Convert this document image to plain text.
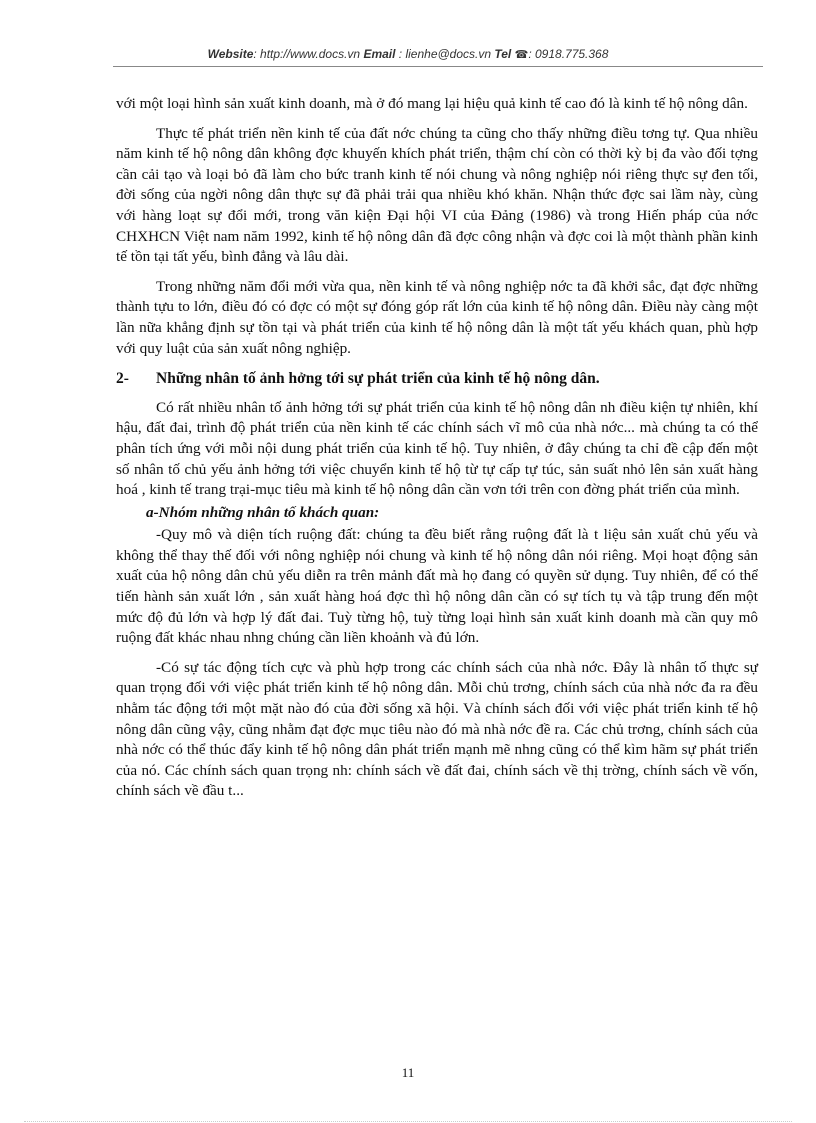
Website: http://www.docs.vn Email : lienhe@docs.vn Tel ☎: 0918.775.368

với một loại hình sản xuất kinh doanh, mà ở đó mang lại hiệu quả kinh tế cao đó là kinh tế hộ nông dân.

Thực tế phát triển nền kinh tế của đất nớc chúng ta cũng cho thấy những điều tơng tự. Qua nhiều năm kinh tế hộ nông dân không đợc khuyến khích phát triển, thậm chí còn có thời kỳ bị đa vào đối tợng cần cải tạo và loại bỏ đã làm cho bức tranh kinh tế nói chung và nông nghiệp nói riêng thực sự đen tối, đời sống của ngời nông dân thực sự đã phải trải qua nhiều khó khăn. Nhận thức đợc sai lầm này, cùng với hàng loạt sự đổi mới, trong văn kiện Đại hội VI của Đảng (1986) và trong Hiến pháp của nớc CHXHCN Việt nam năm 1992, kinh tế hộ nông dân đã đợc công nhận và đợc coi là một thành phần kinh tế tồn tại tất yếu, bình đẳng và lâu dài.

Trong những năm đổi mới vừa qua, nền kinh tế và nông nghiệp nớc ta đã khởi sắc, đạt đợc những thành tựu to lớn, điều đó có đợc có một sự đóng góp rất lớn của kinh tế hộ nông dân. Điều này càng một lần nữa khẳng định sự tồn tại và phát triển của kinh tế hộ nông dân là một tất yếu khách quan, phù hợp với quy luật của sản xuất nông nghiệp.

2- Những nhân tố ảnh hởng tới sự phát triển của kinh tế hộ nông dân.

Có rất nhiều nhân tố ảnh hởng tới sự phát triển của kinh tế hộ nông dân nh điều kiện tự nhiên, khí hậu, đất đai, trình độ phát triển của nền kinh tế các chính sách vĩ mô của nhà nớc... mà chúng ta có thể phân tích ứng với mỗi nội dung phát triển của kinh tế hộ. Tuy nhiên, ở đây chúng ta chỉ đề cập đến một số nhân tố chủ yếu ảnh hởng tới việc chuyển kinh tế hộ từ tự cấp tự túc, sản suất nhỏ lên sản xuất hàng hoá , kinh tế trang trại-mục tiêu mà kinh tế hộ nông dân cần vơn tới trên con đờng phát triển của mình.

a-Nhóm những nhân tố khách quan:

-Quy mô và diện tích ruộng đất: chúng ta đều biết rằng ruộng đất là t liệu sản xuất chủ yếu và không thể thay thế đối với nông nghiệp nói chung và kinh tế hộ nông dân nói riêng. Mọi hoạt động sản xuất của hộ nông dân chủ yếu diễn ra trên mảnh đất mà họ đang có quyền sử dụng. Tuy nhiên, để có thể tiến hành sản xuất lớn , sản xuất hàng hoá đợc thì hộ nông dân cần có sự tích tụ và tập trung đến một mức độ đủ lớn và hợp lý đất đai. Tuỳ từng hộ, tuỳ từng loại hình sản xuất kinh doanh mà cần quy mô ruộng đất khác nhau nhng chúng cần liền khoảnh và đủ lớn.

-Có sự tác động tích cực và phù hợp trong các chính sách của nhà nớc. Đây là nhân tố thực sự quan trọng đối với việc phát triển kinh tế hộ nông dân. Mỗi chủ trơng, chính sách của nhà nớc đa ra đều nhằm tác động tới một mặt nào đó của đời sống xã hội. Và chính sách đối với việc phát triển kinh tế hộ nông dân cũng vậy, cũng nhằm đạt đợc mục tiêu nào đó mà nhà nớc đề ra. Các chủ trơng, chính sách của nhà nớc có thể thúc đẩy kinh tế hộ nông dân phát triển mạnh mẽ nhng cũng có thể kìm hãm sự phát triển của nó. Các chính sách quan trọng nh: chính sách về đất đai, chính sách về thị trờng, chính sách về vốn, chính sách về đầu t...

11
